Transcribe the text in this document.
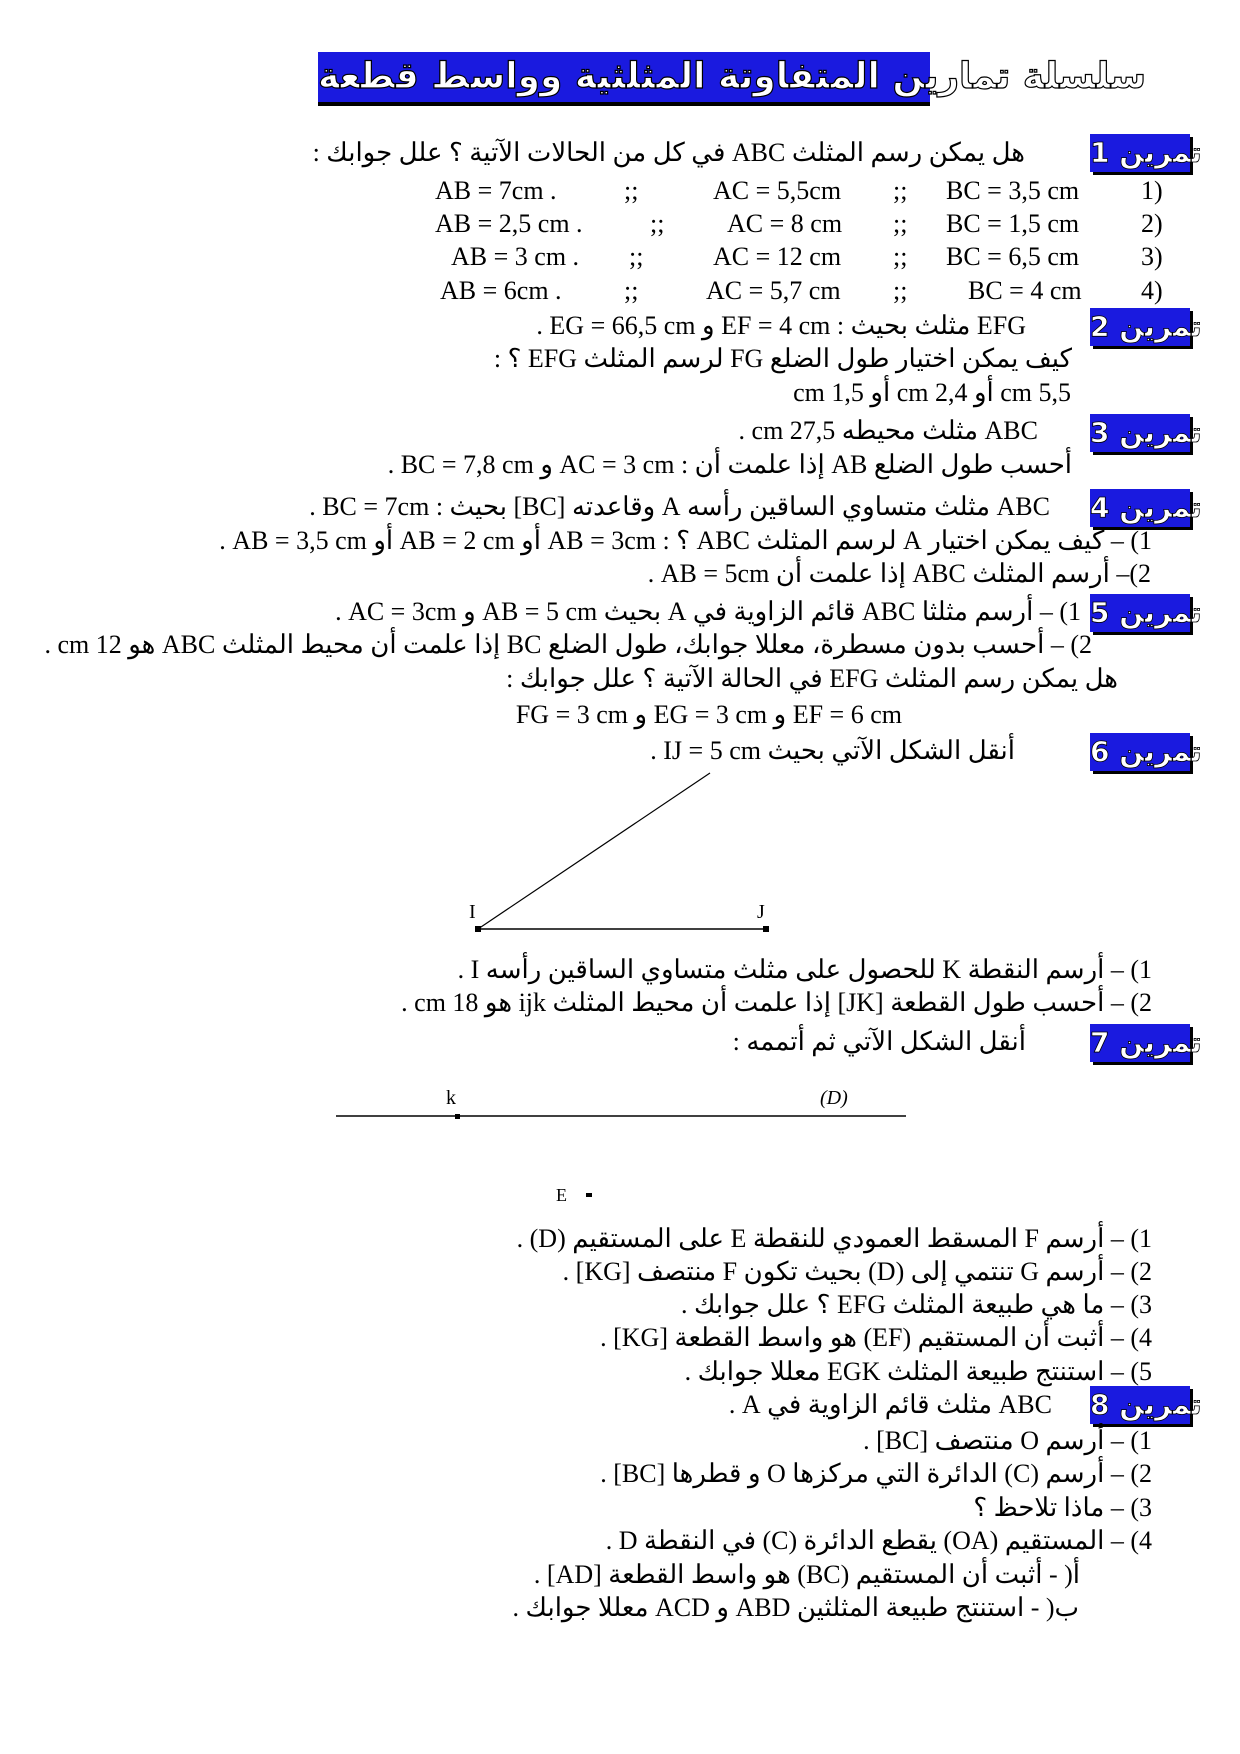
سلسلة تمارين المتفاوتة المثلثية وواسط قطعة
تمرين 1
تمرين 2
تمرين 3
تمرين 4
تمرين 5
تمرين 6
تمرين 7
تمرين 8
هل يمكن رسم المثلث ABC في كل من الحالات الآتية ؟ علل جوابك :
1)
BC = 3,5 cm
;;
AC = 5,5cm
;;
AB = 7cm .
2)
BC = 1,5 cm
;;
AC = 8 cm
;;
AB = 2,5 cm .
3)
BC = 6,5 cm
;;
AC = 12 cm
;;
AB = 3 cm .
4)
BC = 4 cm
;;
AC = 5,7 cm
;;
AB = 6cm .
EFG مثلث بحيث : EF = 4 cm و EG = 66,5 cm .
كيف يمكن اختيار طول الضلع FG لرسم المثلث EFG ؟ :
5,5 cm أو 2,4 cm أو 1,5 cm
ABC مثلث محيطه 27,5 cm .
أحسب طول الضلع AB إذا علمت أن : AC = 3 cm و BC = 7,8 cm .
ABC مثلث متساوي الساقين رأسه A وقاعدته [BC] بحيث : BC = 7cm .
1) – كيف يمكن اختيار A لرسم المثلث ABC ؟ : AB = 3cm أو AB = 2 cm أو AB = 3,5 cm .
2)– أرسم المثلث ABC إذا علمت أن AB = 5cm .
1) – أرسم مثلثا ABC قائم الزاوية في A بحيث AB = 5 cm و AC = 3cm .
2) – أحسب بدون مسطرة، معللا جوابك، طول الضلع BC إذا علمت أن محيط المثلث ABC هو 12 cm .
هل يمكن رسم المثلث EFG في الحالة الآتية ؟ علل جوابك :
EF = 6 cm و EG = 3 cm و FG = 3 cm
أنقل الشكل الآتي بحيث IJ = 5 cm .
I	J
1) – أرسم النقطة K للحصول على مثلث متساوي الساقين رأسه I .
2) – أحسب طول القطعة [JK] إذا علمت أن محيط المثلث ijk هو 18 cm .
أنقل الشكل الآتي ثم أتممه :
k	(D)
E
1) – أرسم F المسقط العمودي للنقطة E على المستقيم (D) .
2) – أرسم G تنتمي إلى (D) بحيث تكون F منتصف [KG] .
3) – ما هي طبيعة المثلث EFG ؟ علل جوابك .
4) – أثبت أن المستقيم (EF) هو واسط القطعة [KG] .
5) – استنتج طبيعة المثلث EGK معللا جوابك .
ABC مثلث قائم الزاوية في A .
1) – أرسم O منتصف [BC] .
2) – أرسم (C) الدائرة التي مركزها O و قطرها [BC] .
3) – ماذا تلاحظ ؟
4) – المستقيم (OA) يقطع الدائرة (C) في النقطة D .
أ( - أثبت أن المستقيم (BC) هو واسط القطعة [AD] .
ب( - استنتج طبيعة المثلثين ABD و ACD معللا جوابك .
